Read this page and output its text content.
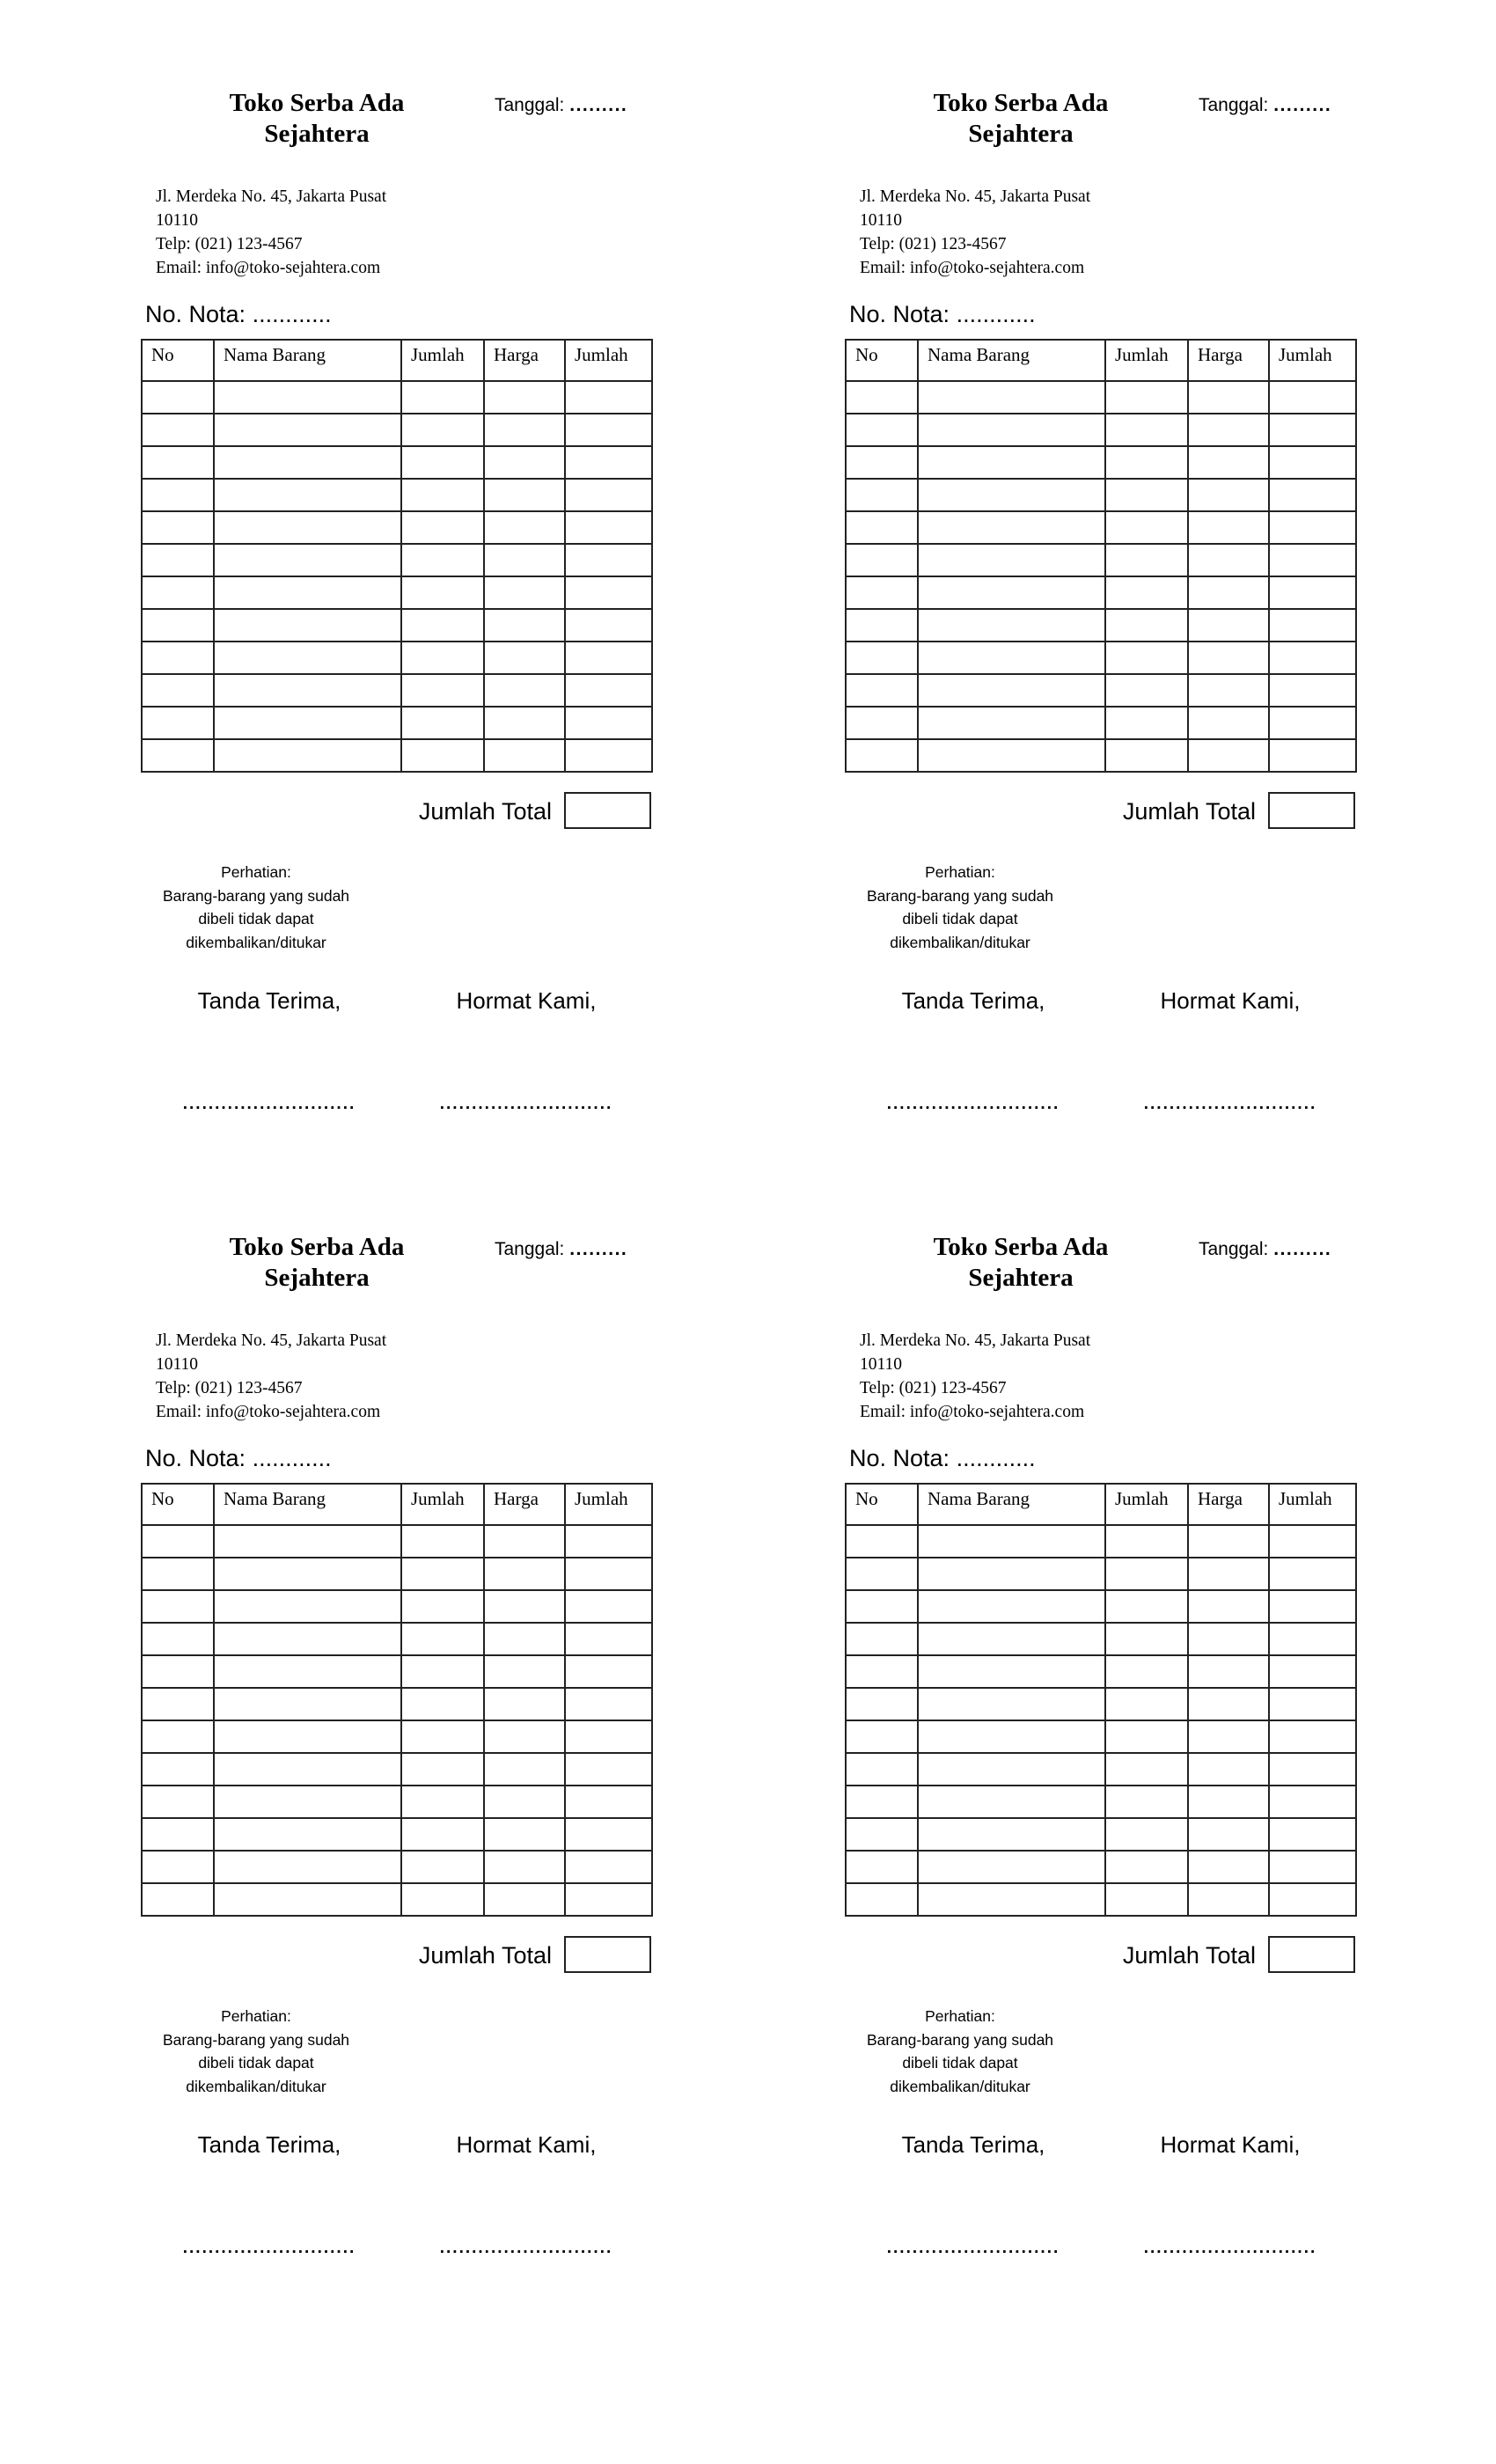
Toko Serba Ada
Sejahtera
Tanggal: .........
Jl. Merdeka No. 45, Jakarta Pusat
10110
Telp: (021) 123-4567
Email: info@toko-sejahtera.com
No. Nota: ............
No	Nama Barang	Jumlah	Harga	Jumlah

Jumlah Total
Perhatian:
Barang-barang yang sudah
dibeli tidak dapat
dikembalikan/ditukar
Tanda Terima,	Hormat Kami,
...........................	...........................
Toko Serba Ada
Sejahtera
Tanggal: .........
Jl. Merdeka No. 45, Jakarta Pusat
10110
Telp: (021) 123-4567
Email: info@toko-sejahtera.com
No. Nota: ............
No	Nama Barang	Jumlah	Harga	Jumlah

Jumlah Total
Perhatian:
Barang-barang yang sudah
dibeli tidak dapat
dikembalikan/ditukar
Tanda Terima,	Hormat Kami,
...........................	...........................
Toko Serba Ada
Sejahtera
Tanggal: .........
Jl. Merdeka No. 45, Jakarta Pusat
10110
Telp: (021) 123-4567
Email: info@toko-sejahtera.com
No. Nota: ............
No	Nama Barang	Jumlah	Harga	Jumlah

Jumlah Total
Perhatian:
Barang-barang yang sudah
dibeli tidak dapat
dikembalikan/ditukar
Tanda Terima,	Hormat Kami,
...........................	...........................
Toko Serba Ada
Sejahtera
Tanggal: .........
Jl. Merdeka No. 45, Jakarta Pusat
10110
Telp: (021) 123-4567
Email: info@toko-sejahtera.com
No. Nota: ............
No	Nama Barang	Jumlah	Harga	Jumlah

Jumlah Total
Perhatian:
Barang-barang yang sudah
dibeli tidak dapat
dikembalikan/ditukar
Tanda Terima,	Hormat Kami,
...........................	...........................
